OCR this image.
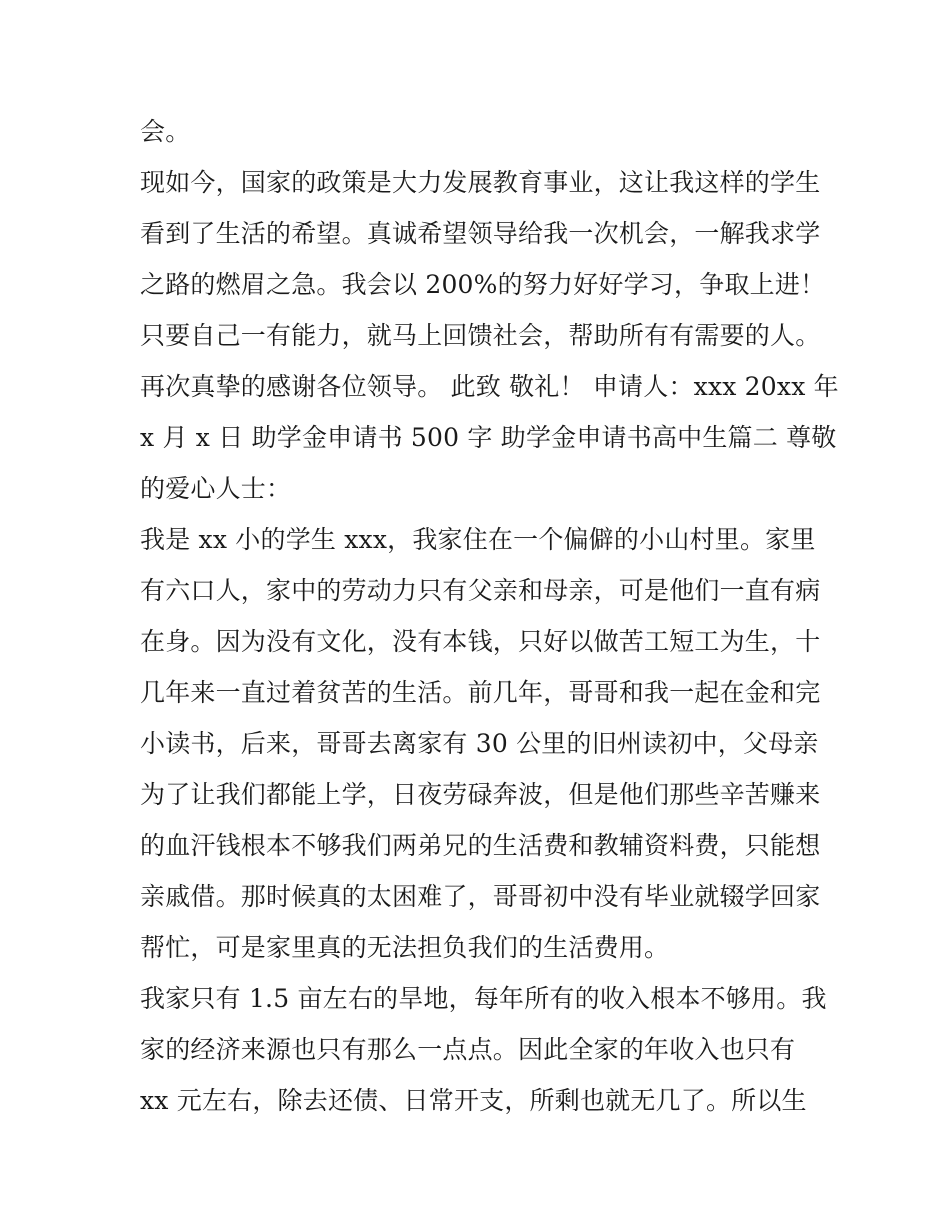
会。
现如今，国家的政策是大力发展教育事业，这让我这样的学生
看到了生活的希望。真诚希望领导给我一次机会，一解我求学
之路的燃眉之急。我会以 200%的努力好好学习，争取上进！
只要自己一有能力，就马上回馈社会，帮助所有有需要的人。
再次真挚的感谢各位领导。 此致 敬礼！ 申请人：xxx 20xx 年
x 月 x 日 助学金申请书 500 字 助学金申请书高中生篇二 尊敬
的爱心人士：
我是 xx 小的学生 xxx，我家住在一个偏僻的小山村里。家里
有六口人，家中的劳动力只有父亲和母亲，可是他们一直有病
在身。因为没有文化，没有本钱，只好以做苦工短工为生，十
几年来一直过着贫苦的生活。前几年，哥哥和我一起在金和完
小读书，后来，哥哥去离家有 30 公里的旧州读初中，父母亲
为了让我们都能上学，日夜劳碌奔波，但是他们那些辛苦赚来
的血汗钱根本不够我们两弟兄的生活费和教辅资料费，只能想
亲戚借。那时候真的太困难了，哥哥初中没有毕业就辍学回家
帮忙，可是家里真的无法担负我们的生活费用。
我家只有 1.5 亩左右的旱地，每年所有的收入根本不够用。我
家的经济来源也只有那么一点点。因此全家的年收入也只有
xx 元左右，除去还债、日常开支，所剩也就无几了。所以生
